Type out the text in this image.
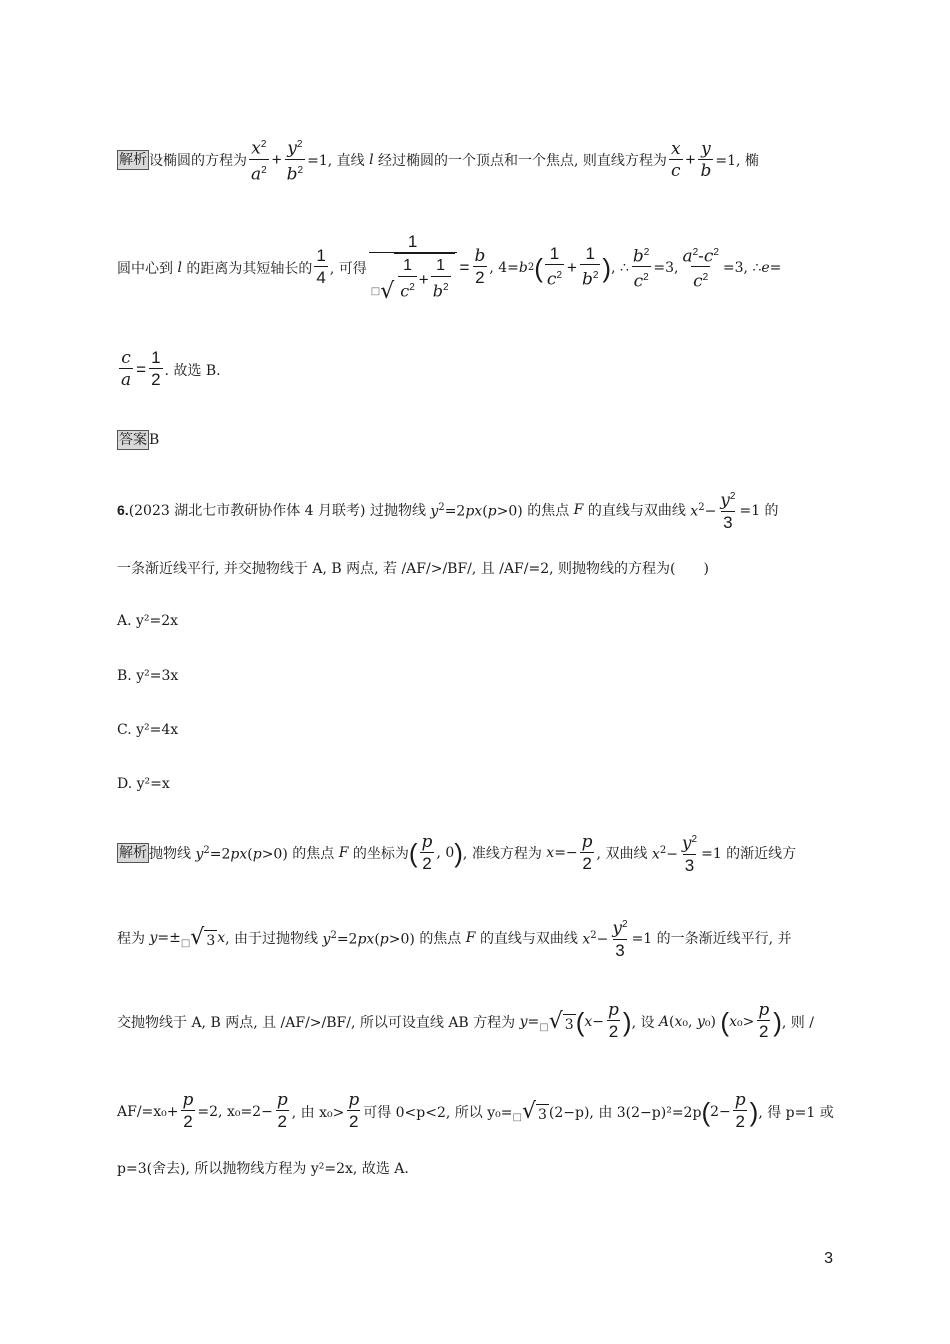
解析 设椭圆的方程为 $\frac{x^2}{a^2} + \frac{y^2}{b^2} =1$, 直线 l 经过椭圆的一个顶点和一个焦点, 则直线方程为 $\frac{x}{c} + \frac{y}{b} =1$, 椭
圆中心到 l 的距离为其短轴长的 $\frac{1}{4}$ , 可得 $\frac{1}{□ √ \frac{1}{c^2} + \frac{1}{b^2}} = \frac{b}{2}$ , 4= b 2 ( $\frac{1}{c^2} + \frac{1}{b^2}$ ) , ∴ $\frac{b^2}{c^2} =3$, $\frac{a^2-c^2}{c^2} =3$, ∴ e=
$\frac{c}{a} = \frac{1}{2}$ . 故选 B.
答案 B
6. (2023 湖北七市教研协作体 4 月联考) 过抛物线 $y^2=2px(p>0)$ 的焦点 F 的直线与双曲线 $x^2- \frac{y^2}{3} =1$ 的
一条渐近线平行, 并交抛物线于 A, B 两点, 若 /AF/>/BF/, 且 /AF/=2, 则抛物线的方程为(　　)
A. y²=2x
B. y²=3x
C. y²=4x
D. y²=x
解析 抛物线 $y^2=2px(p>0)$ 的焦点 F 的坐标为 ( $\frac{p}{2}$ , 0 ) , 准线方程为 $x=- \frac{p}{2}$ , 双曲线 $x^2- \frac{y^2}{3} =1$ 的渐近线方
程为 y=± □ √ 3 x , 由于过抛物线 $y^2=2px(p>0)$ 的焦点 F 的直线与双曲线 $x^2- \frac{y^2}{3} =1$ 的一条渐近线平行, 并
交抛物线于 A, B 两点, 且 /AF/>/BF/, 所以可设直线 AB 方程为 y= □ √ 3 ( $x- \frac{p}{2}$ ) , 设 A(x₀, y₀) ( $x_0> \frac{p}{2}$ ) , 则 /
$AF/=x_0+ \frac{p}{2} =2$, $x_0=2- \frac{p}{2}$ , 由 $x_0> \frac{p}{2}$ 可得 0<p<2, 所以 y₀= □ √ 3 (2−p), 由 3(2−p)²=2p ( $2- \frac{p}{2}$ ) , 得 p=1 或
p=3(舍去), 所以抛物线方程为 y²=2x, 故选 A.
3
